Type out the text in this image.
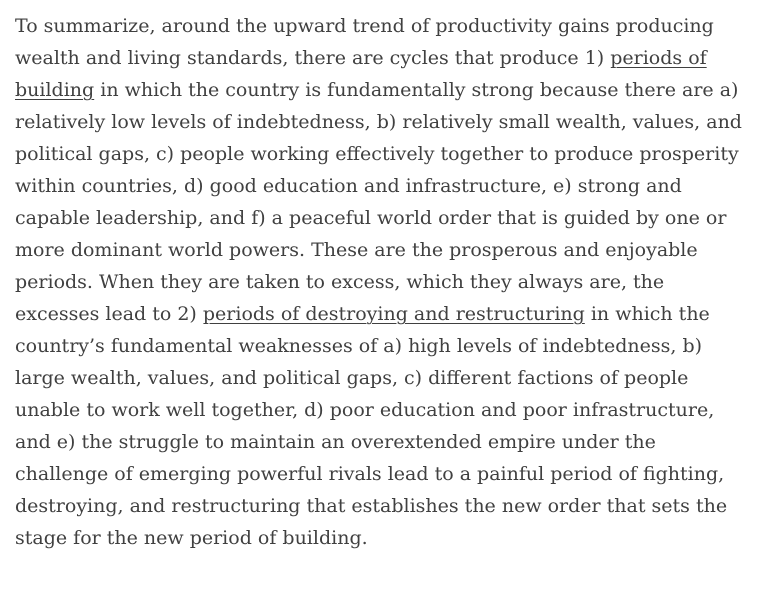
To summarize, around the upward trend of productivity gains producing wealth and living standards, there are cycles that produce 1) periods of building in which the country is fundamentally strong because there are a) relatively low levels of indebtedness, b) relatively small wealth, values, and political gaps, c) people working effectively together to produce prosperity within countries, d) good education and infrastructure, e) strong and capable leadership, and f) a peaceful world order that is guided by one or more dominant world powers. These are the prosperous and enjoyable periods. When they are taken to excess, which they always are, the excesses lead to 2) periods of destroying and restructuring in which the country’s fundamental weaknesses of a) high levels of indebtedness, b) large wealth, values, and political gaps, c) different factions of people unable to work well together, d) poor education and poor infrastructure, and e) the struggle to maintain an overextended empire under the challenge of emerging powerful rivals lead to a painful period of fighting, destroying, and restructuring that establishes the new order that sets the stage for the new period of building.
